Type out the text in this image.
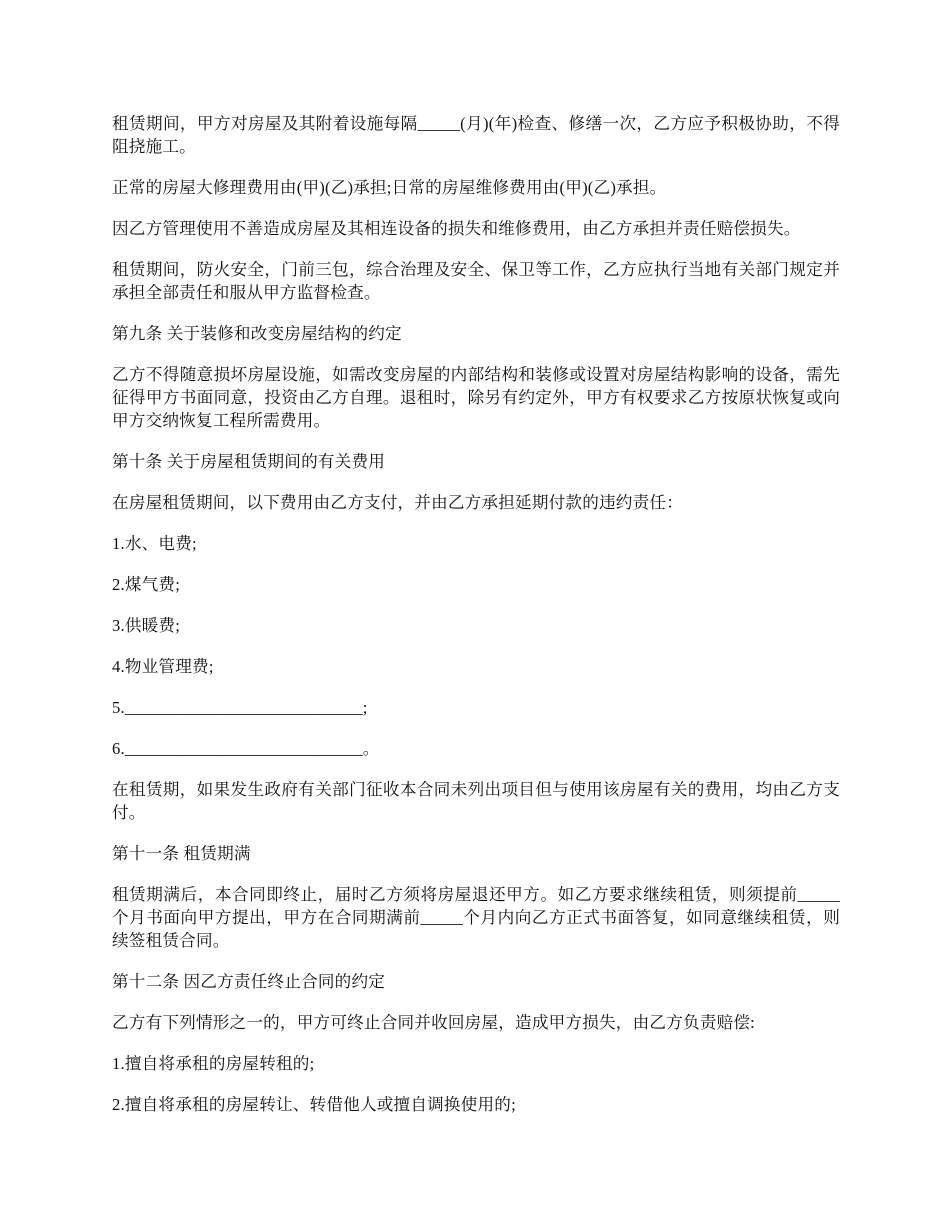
租赁期间，甲方对房屋及其附着设施每隔_____(月)(年)检查、修缮一次，乙方应予积极协助，不得阻挠施工。

正常的房屋大修理费用由(甲)(乙)承担;日常的房屋维修费用由(甲)(乙)承担。

因乙方管理使用不善造成房屋及其相连设备的损失和维修费用，由乙方承担并责任赔偿损失。

租赁期间，防火安全，门前三包，综合治理及安全、保卫等工作，乙方应执行当地有关部门规定并承担全部责任和服从甲方监督检查。

第九条 关于装修和改变房屋结构的约定

乙方不得随意损坏房屋设施，如需改变房屋的内部结构和装修或设置对房屋结构影响的设备，需先征得甲方书面同意，投资由乙方自理。退租时，除另有约定外，甲方有权要求乙方按原状恢复或向甲方交纳恢复工程所需费用。

第十条 关于房屋租赁期间的有关费用

在房屋租赁期间，以下费用由乙方支付，并由乙方承担延期付款的违约责任：

1.水、电费;

2.煤气费;

3.供暖费;

4.物业管理费;

5.____________________________;

6.____________________________。

在租赁期，如果发生政府有关部门征收本合同未列出项目但与使用该房屋有关的费用，均由乙方支付。

第十一条 租赁期满

租赁期满后，本合同即终止，届时乙方须将房屋退还甲方。如乙方要求继续租赁，则须提前_____个月书面向甲方提出，甲方在合同期满前_____个月内向乙方正式书面答复，如同意继续租赁，则续签租赁合同。

第十二条 因乙方责任终止合同的约定

乙方有下列情形之一的，甲方可终止合同并收回房屋，造成甲方损失，由乙方负责赔偿:

1.擅自将承租的房屋转租的;

2.擅自将承租的房屋转让、转借他人或擅自调换使用的;
